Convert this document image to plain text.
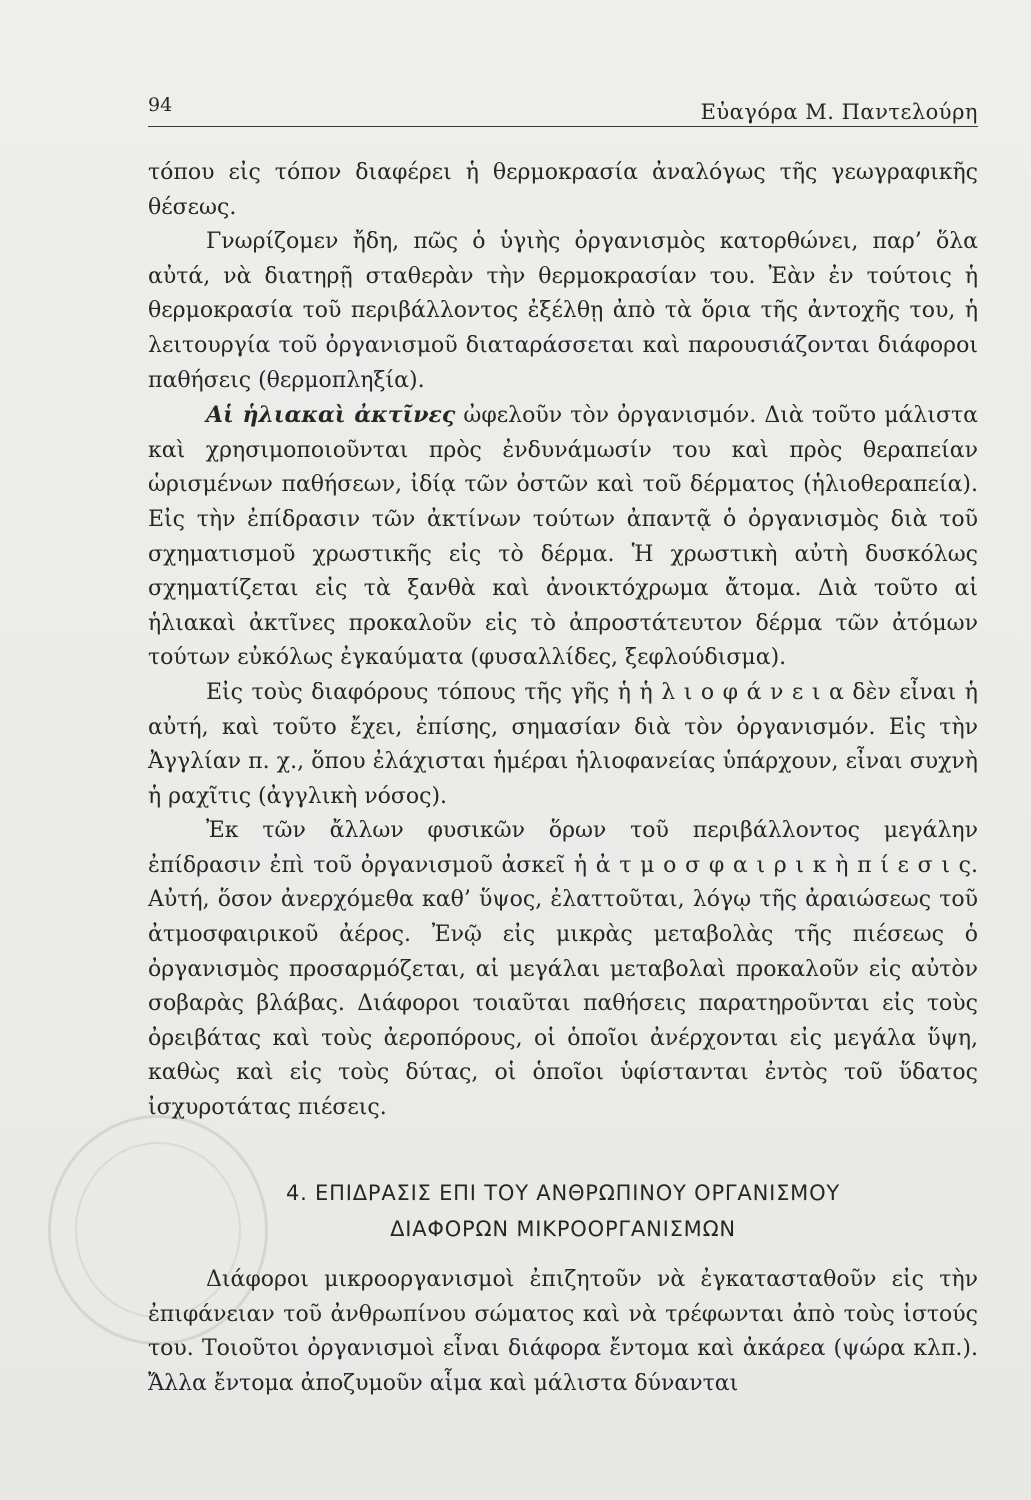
94	Εὐαγόρα Μ. Παντελούρη

τόπου εἰς τόπον διαφέρει ἡ θερμοκρασία ἀναλόγως τῆς γεωγραφικῆς θέσεως.

Γνωρίζομεν ἤδη, πῶς ὁ ὑγιὴς ὀργανισμὸς κατορθώνει, παρ’ ὅλα αὐτά, νὰ διατηρῇ σταθερὰν τὴν θερμοκρασίαν του. Ἐὰν ἐν τούτοις ἡ θερμοκρασία τοῦ περιβάλλοντος ἐξέλθῃ ἀπὸ τὰ ὅρια τῆς ἀντοχῆς του, ἡ λειτουργία τοῦ ὀργανισμοῦ διαταράσσεται καὶ παρουσιάζονται διάφοροι παθήσεις (θερμοπληξία).

Αἱ ἡλιακαὶ ἀκτῖνες ὠφελοῦν τὸν ὀργανισμόν. Διὰ τοῦτο μάλιστα καὶ χρησιμοποιοῦνται πρὸς ἐνδυνάμωσίν του καὶ πρὸς θεραπείαν ὡρισμένων παθήσεων, ἰδίᾳ τῶν ὀστῶν καὶ τοῦ δέρματος (ἡλιοθεραπεία). Εἰς τὴν ἐπίδρασιν τῶν ἀκτίνων τούτων ἀπαντᾷ ὁ ὀργανισμὸς διὰ τοῦ σχηματισμοῦ χρωστικῆς εἰς τὸ δέρμα. Ἡ χρωστικὴ αὐτὴ δυσκόλως σχηματίζεται εἰς τὰ ξανθὰ καὶ ἀνοικτόχρωμα ἄτομα. Διὰ τοῦτο αἱ ἡλιακαὶ ἀκτῖνες προκαλοῦν εἰς τὸ ἀπροστάτευτον δέρμα τῶν ἀτόμων τούτων εὐκόλως ἐγκαύματα (φυσαλλίδες, ξεφλούδισμα).

Εἰς τοὺς διαφόρους τόπους τῆς γῆς ἡ ἡ λ ι ο φ ά ν ε ι α δὲν εἶναι ἡ αὐτή, καὶ τοῦτο ἔχει, ἐπίσης, σημασίαν διὰ τὸν ὀργανισμόν. Εἰς τὴν Ἀγγλίαν π. χ., ὅπου ἐλάχισται ἡμέραι ἡλιοφανείας ὑπάρχουν, εἶναι συχνὴ ἡ ραχῖτις (ἀγγλικὴ νόσος).

Ἐκ τῶν ἄλλων φυσικῶν ὅρων τοῦ περιβάλλοντος μεγάλην ἐπίδρασιν ἐπὶ τοῦ ὀργανισμοῦ ἀσκεῖ ἡ ἀ τ μ ο σ φ α ι ρ ι κ ὴ π ί ε σ ι ς. Αὐτή, ὅσον ἀνερχόμεθα καθ’ ὕψος, ἐλαττοῦται, λόγῳ τῆς ἀραιώσεως τοῦ ἀτμοσφαιρικοῦ ἀέρος. Ἐνῷ εἰς μικρὰς μεταβολὰς τῆς πιέσεως ὁ ὀργανισμὸς προσαρμόζεται, αἱ μεγάλαι μεταβολαὶ προκαλοῦν εἰς αὐτὸν σοβαρὰς βλάβας. Διάφοροι τοιαῦται παθήσεις παρατηροῦνται εἰς τοὺς ὀρειβάτας καὶ τοὺς ἀεροπόρους, οἱ ὁποῖοι ἀνέρχονται εἰς μεγάλα ὕψη, καθὼς καὶ εἰς τοὺς δύτας, οἱ ὁποῖοι ὑφίστανται ἐντὸς τοῦ ὕδατος ἰσχυροτάτας πιέσεις.

4. ΕΠΙΔΡΑΣΙΣ ΕΠΙ ΤΟΥ ΑΝΘΡΩΠΙΝΟΥ ΟΡΓΑΝΙΣΜΟΥ
ΔΙΑΦΟΡΩΝ ΜΙΚΡΟΟΡΓΑΝΙΣΜΩΝ

Διάφοροι μικροοργανισμοὶ ἐπιζητοῦν νὰ ἐγκατασταθοῦν εἰς τὴν ἐπιφάνειαν τοῦ ἀνθρωπίνου σώματος καὶ νὰ τρέφωνται ἀπὸ τοὺς ἱστούς του. Τοιοῦτοι ὀργανισμοὶ εἶναι διάφορα ἔντομα καὶ ἀκάρεα (ψώρα κλπ.). Ἄλλα ἔντομα ἀποζυμοῦν αἷμα καὶ μάλιστα δύνανται
